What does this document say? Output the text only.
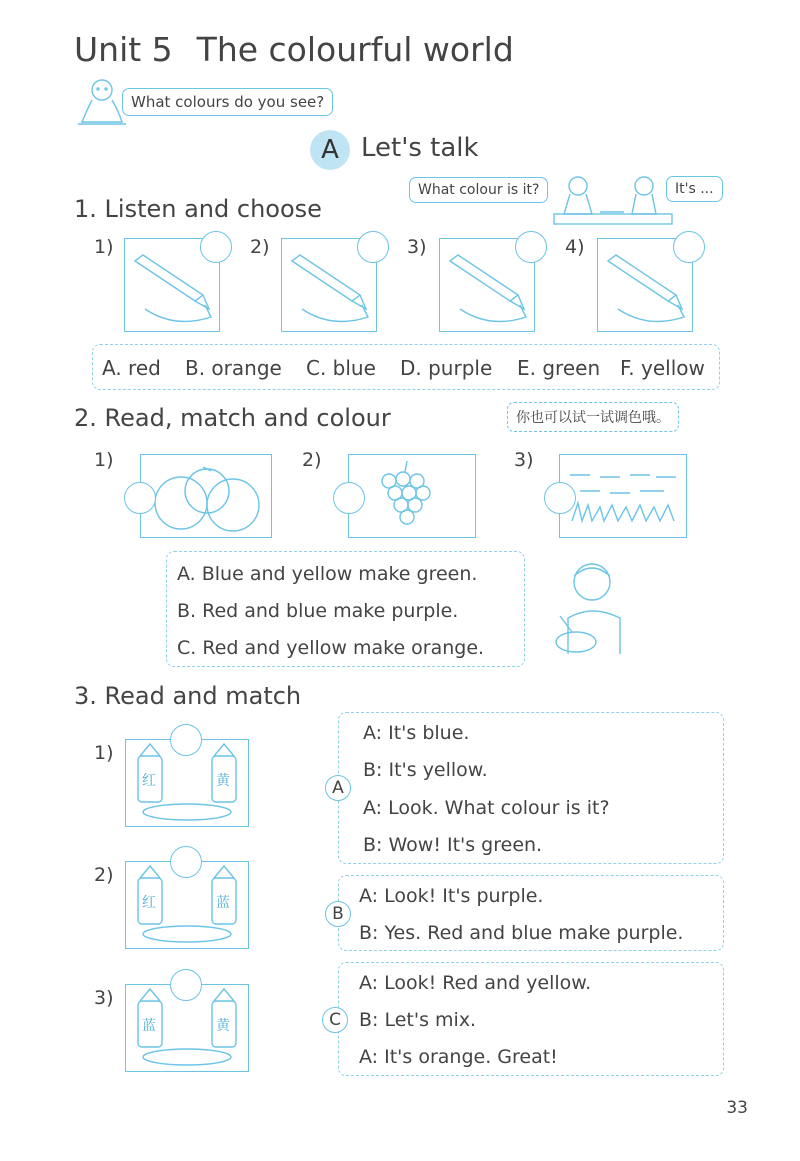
Unit 5 The colourful world
What colours do you see?
A Let's talk
What colour is it?	It's ...
1. Listen and choose
1)	2)	3)	4)
A. red B. orange C. blue D. purple E. green F. yellow
2. Read, match and colour	你也可以试一试调色哦。
1)	2)	3)
A. Blue and yellow make green.
B. Red and blue make purple.
C. Red and yellow make orange.
3. Read and match
1)
2)
3)
红	黄
红	蓝
蓝	黄
A: It's blue.
B: It's yellow.
A: Look. What colour is it?
B: Wow! It's green.
A
A: Look! It's purple.
B: Yes. Red and blue make purple.
B
A: Look! Red and yellow.
B: Let's mix.
A: It's orange. Great!
C
33
